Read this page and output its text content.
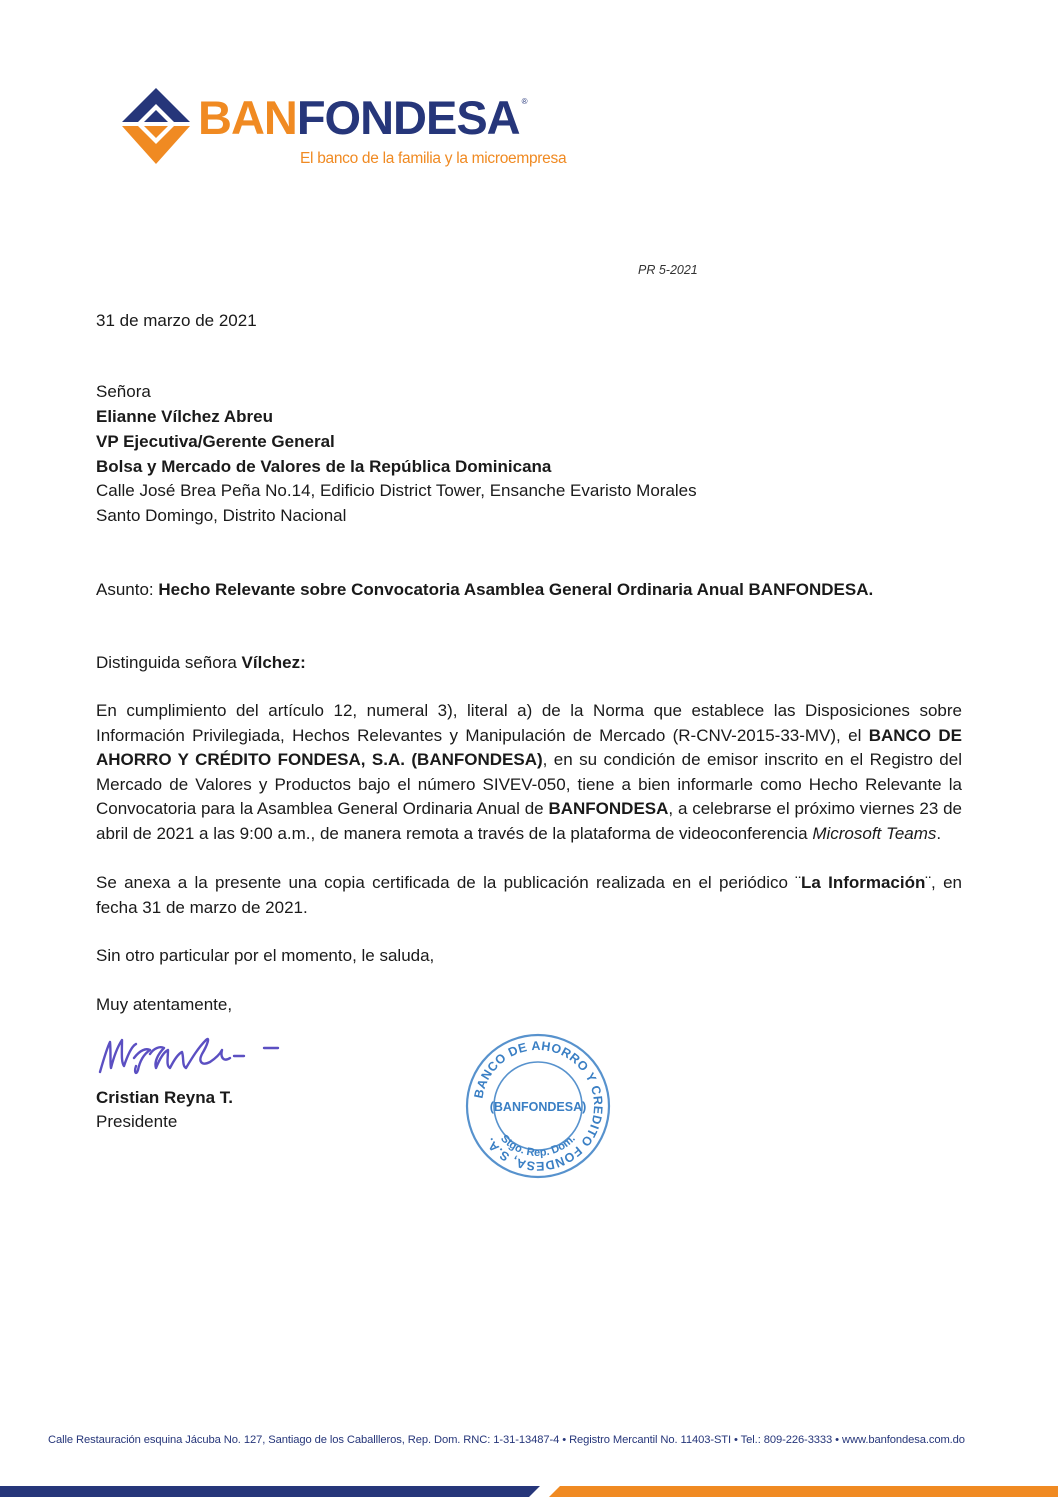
BANFONDESA ®
El banco de la familia y la microempresa
PR 5-2021
31 de marzo de 2021
Señora
Elianne Vílchez Abreu
VP Ejecutiva/Gerente General
Bolsa y Mercado de Valores de la República Dominicana
Calle José Brea Peña No.14, Edificio District Tower, Ensanche Evaristo Morales
Santo Domingo, Distrito Nacional
Asunto: Hecho Relevante sobre Convocatoria Asamblea General Ordinaria Anual BANFONDESA.
Distinguida señora Vílchez:
En cumplimiento del artículo 12, numeral 3), literal a) de la Norma que establece las Disposiciones sobre Información Privilegiada, Hechos Relevantes y Manipulación de Mercado (R-CNV-2015-33-MV), el BANCO DE AHORRO Y CRÉDITO FONDESA, S.A. (BANFONDESA), en su condición de emisor inscrito en el Registro del Mercado de Valores y Productos bajo el número SIVEV-050, tiene a bien informarle como Hecho Relevante la Convocatoria para la Asamblea General Ordinaria Anual de BANFONDESA, a celebrarse el próximo viernes 23 de abril de 2021 a las 9:00 a.m., de manera remota a través de la plataforma de videoconferencia Microsoft Teams.
Se anexa a la presente una copia certificada de la publicación realizada en el periódico ¨La Información¨, en fecha 31 de marzo de 2021.
Sin otro particular por el momento, le saluda,
Muy atentamente,
Cristian Reyna T.
Presidente
BANCO DE AHORRO Y CREDITO FONDESA, S.A.
(BANFONDESA)
Stgo. Rep. Dom.
Calle Restauración esquina Jácuba No. 127, Santiago de los Caballleros, Rep. Dom. RNC: 1-31-13487-4 • Registro Mercantil No. 11403-STI • Tel.: 809-226-3333 • www.banfondesa.com.do
